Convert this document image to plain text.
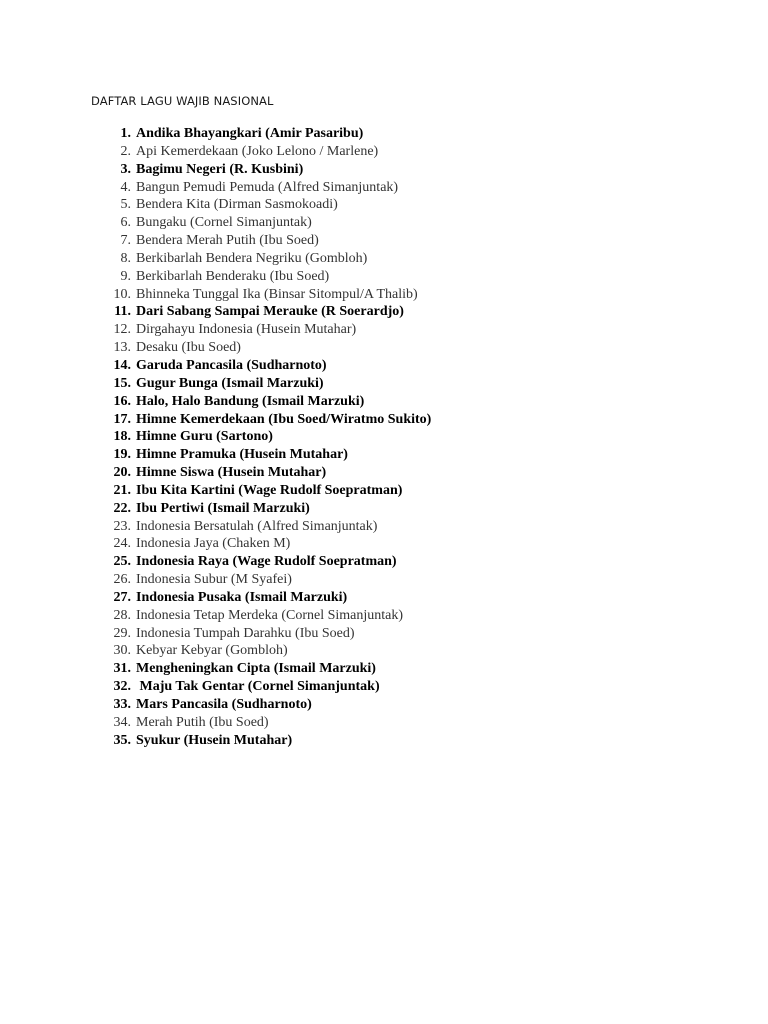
DAFTAR LAGU WAJIB NASIONAL
1. Andika Bhayangkari (Amir Pasaribu)
2. Api Kemerdekaan (Joko Lelono / Marlene)
3. Bagimu Negeri (R. Kusbini)
4. Bangun Pemudi Pemuda (Alfred Simanjuntak)
5. Bendera Kita (Dirman Sasmokoadi)
6. Bungaku (Cornel Simanjuntak)
7. Bendera Merah Putih (Ibu Soed)
8. Berkibarlah Bendera Negriku (Gombloh)
9. Berkibarlah Benderaku (Ibu Soed)
10. Bhinneka Tunggal Ika (Binsar Sitompul/A Thalib)
11. Dari Sabang Sampai Merauke (R Soerardjo)
12. Dirgahayu Indonesia (Husein Mutahar)
13. Desaku (Ibu Soed)
14. Garuda Pancasila (Sudharnoto)
15. Gugur Bunga (Ismail Marzuki)
16. Halo, Halo Bandung (Ismail Marzuki)
17. Himne Kemerdekaan (Ibu Soed/Wiratmo Sukito)
18. Himne Guru (Sartono)
19. Himne Pramuka (Husein Mutahar)
20. Himne Siswa (Husein Mutahar)
21. Ibu Kita Kartini (Wage Rudolf Soepratman)
22. Ibu Pertiwi (Ismail Marzuki)
23. Indonesia Bersatulah (Alfred Simanjuntak)
24. Indonesia Jaya (Chaken M)
25. Indonesia Raya (Wage Rudolf Soepratman)
26. Indonesia Subur (M Syafei)
27. Indonesia Pusaka (Ismail Marzuki)
28. Indonesia Tetap Merdeka (Cornel Simanjuntak)
29. Indonesia Tumpah Darahku (Ibu Soed)
30. Kebyar Kebyar (Gombloh)
31. Mengheningkan Cipta (Ismail Marzuki)
32. Maju Tak Gentar (Cornel Simanjuntak)
33. Mars Pancasila (Sudharnoto)
34. Merah Putih (Ibu Soed)
35. Syukur (Husein Mutahar)
